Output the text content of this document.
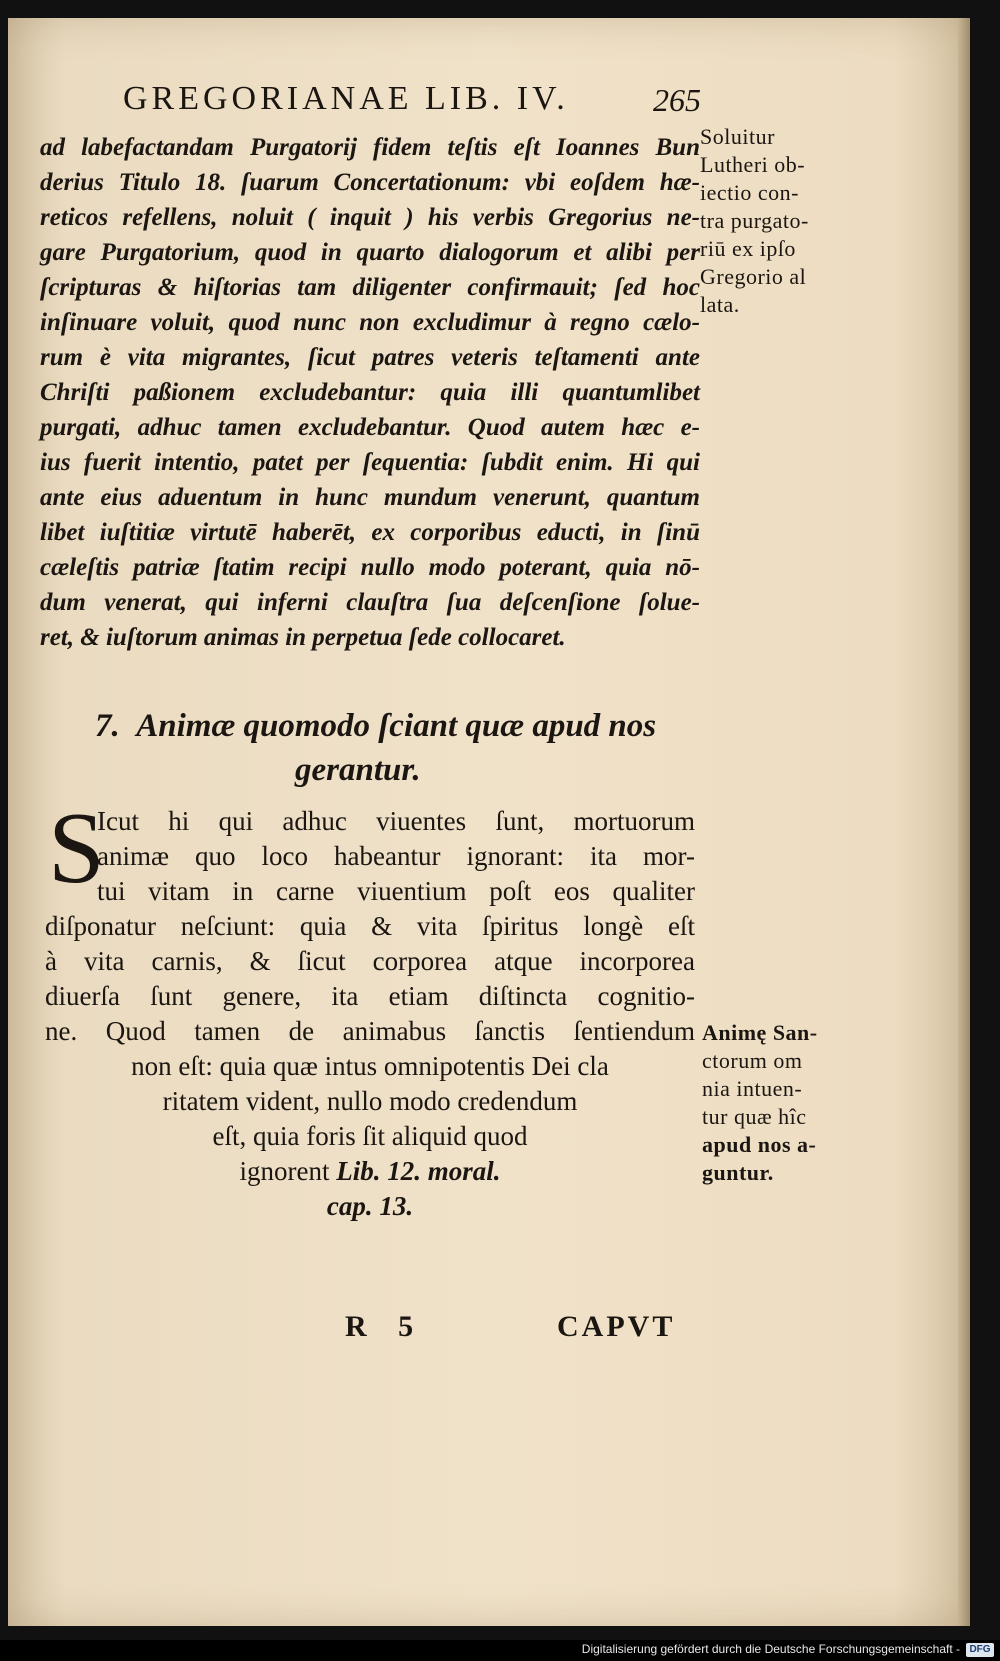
GREGORIANAE LIB. IV.	265
ad labefactandam Purgatorij fidem teſtis eſt Ioannes Bun
derius Titulo 18. ſuarum Concertationum: vbi eoſdem hæ-
reticos refellens, noluit ( inquit ) his verbis Gregorius ne-
gare Purgatorium, quod in quarto dialogorum et alibi per
ſcripturas & hiſtorias tam diligenter confirmauit; ſed hoc
inſinuare voluit, quod nunc non excludimur à regno cælo-
rum è vita migrantes, ſicut patres veteris teſtamenti ante
Chriſti paßionem excludebantur: quia illi quantumlibet
purgati, adhuc tamen excludebantur. Quod autem hæc e-
ius fuerit intentio, patet per ſequentia: ſubdit enim. Hi qui
ante eius aduentum in hunc mundum venerunt, quantum
libet iuſtitiæ virtutē haberēt, ex corporibus educti, in ſinū
cæleſtis patriæ ſtatim recipi nullo modo poterant, quia nō-
dum venerat, qui inferni clauſtra ſua deſcenſione ſolue-
ret, & iuſtorum animas in perpetua ſede collocaret.
Soluitur
Lutheri ob-
iectio con-
tra purgato-
riū ex ipſo
Gregorio al
lata.
7. Animæ quomodo ſciant quæ apud nos
gerantur.
S
Icut hi qui adhuc viuentes ſunt, mortuorum
animæ quo loco habeantur ignorant: ita mor-
tui vitam in carne viuentium poſt eos qualiter
diſponatur neſciunt: quia & vita ſpiritus longè eſt
à vita carnis, & ſicut corporea atque incorporea
diuerſa ſunt genere, ita etiam diſtincta cognitio-
ne. Quod tamen de animabus ſanctis ſentiendum
non eſt: quia quæ intus omnipotentis Dei cla
ritatem vident, nullo modo credendum
eſt, quia foris ſit aliquid quod
ignorent Lib. 12. moral.
cap. 13.
Animę San-
ctorum om
nia intuen-
tur quæ hîc
apud nos a-
guntur.
R 5	CAPVT
Digitalisierung gefördert durch die Deutsche Forschungsgemeinschaft - DFG
